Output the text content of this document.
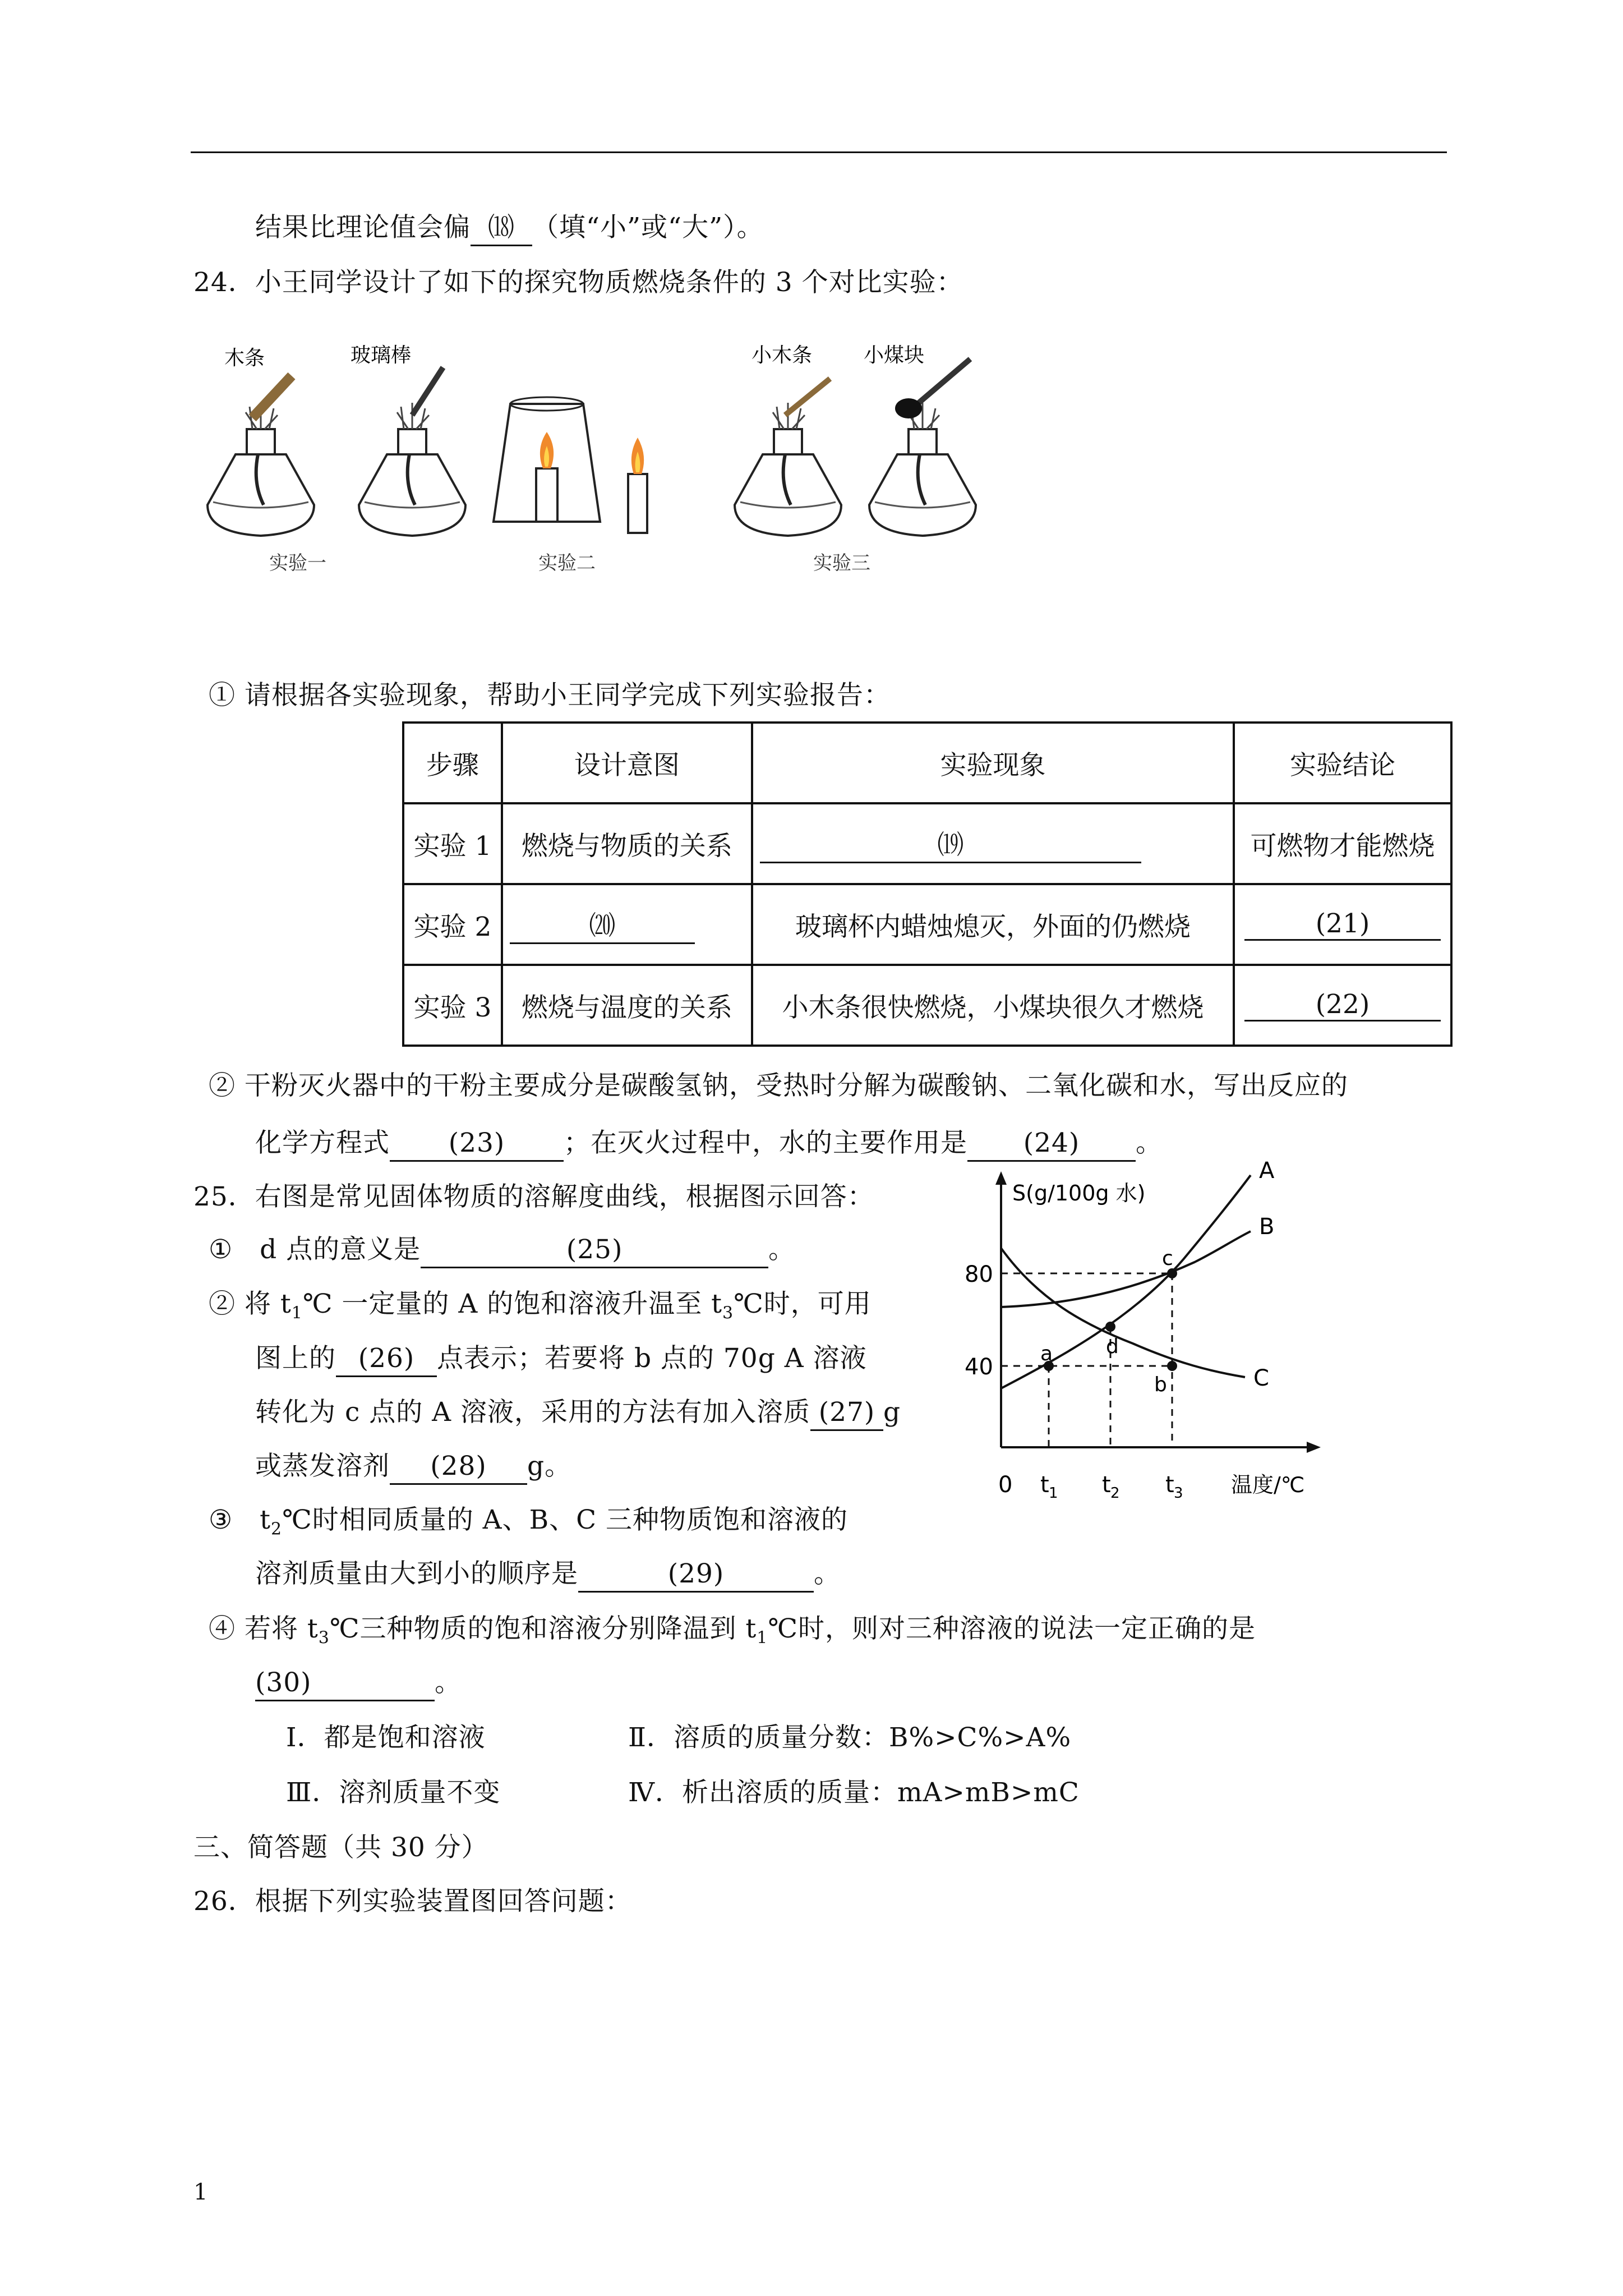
结果比理论值会偏 ⒅ （填“小”或“大”）。
24．小王同学设计了如下的探究物质燃烧条件的 3 个对比实验：
木条	玻璃棒	小木条	小煤块
实验一	实验二	实验三
① 请根据各实验现象，帮助小王同学完成下列实验报告：
步骤	设计意图	实验现象	实验结论
实验 1	燃烧与物质的关系	⒆	可燃物才能燃烧
实验 2	⒇	玻璃杯内蜡烛熄灭，外面的仍燃烧	(21)
实验 3	燃烧与温度的关系	小木条很快燃烧，小煤块很久才燃烧	(22)
② 干粉灭火器中的干粉主要成分是碳酸氢钠，受热时分解为碳酸钠、二氧化碳和水，写出反应的
化学方程式 (23) ；在灭火过程中，水的主要作用是 (24) 。
25．右图是常见固体物质的溶解度曲线，根据图示回答：
①　d 点的意义是	(25)	。
② 将 $t_1℃$ 一定量的 A 的饱和溶液升温至 $t_3℃$时，可用
图上的 (26) 点表示；若要将 b 点的 70g A 溶液
转化为 c 点的 A 溶液，采用的方法有加入溶质 (27) g
或蒸发溶剂 (28) g。
③　$t_2℃$时相同质量的 A、B、C 三种物质饱和溶液的
溶剂质量由大到小的顺序是	(29)	。
④ 若将 $t_3℃$三种物质的饱和溶液分别降温到 $t_1℃$时，则对三种溶液的说法一定正确的是
(30)	。
Ⅰ．都是饱和溶液	Ⅱ．溶质的质量分数：B%>C%>A%
Ⅲ．溶剂质量不变	Ⅳ．析出溶质的质量：mA>mB>mC
S(g/100g 水)
温度/℃
0
80
40
t 1 t 2 t 3
A
B
C
a
b
c
d
三、简答题（共 30 分）
26．根据下列实验装置图回答问题：
1
